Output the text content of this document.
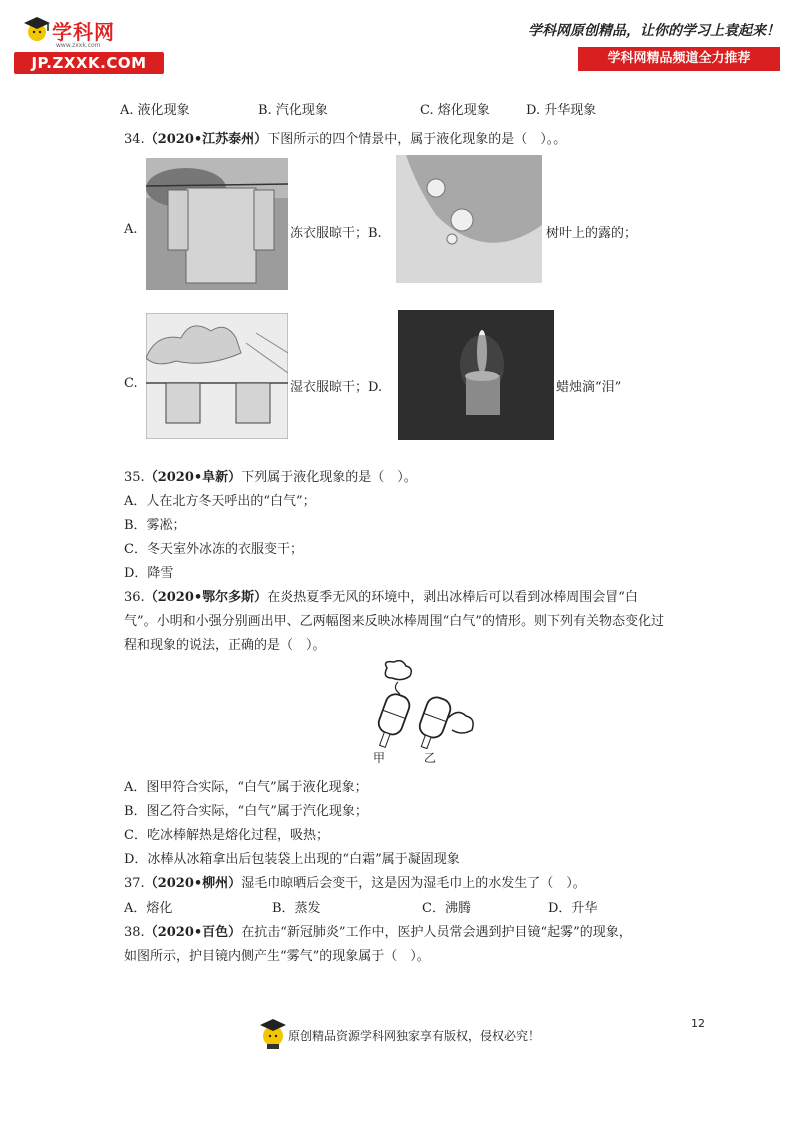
学科网
www.zxxk.com
JP.ZXXK.COM
学科网原创精品，让你的学习上袁起来！
学科网精品频道全力推荐
A. 液化现象	B. 汽化现象	C. 熔化现象	D. 升华现象
34.（2020•江苏泰州）下图所示的四个情景中，属于液化现象的是（　）。。
A.	冻衣服晾干；B.	树叶上的露的；
C.	湿衣服晾干；D.	蜡烛滴“泪”
35.（2020•阜新）下列属于液化现象的是（　）。
A．人在北方冬天呼出的“白气”；
B．雾凇；
C．冬天室外冰冻的衣服变干；
D．降雪
36.（2020•鄂尔多斯）在炎热夏季无风的环境中，剥出冰棒后可以看到冰棒周围会冒“白
气”。小明和小强分别画出甲、乙两幅图来反映冰棒周围“白气”的情形。则下列有关物态变化过
程和现象的说法，正确的是（　）。
甲	乙
A．图甲符合实际，“白气”属于液化现象；
B．图乙符合实际，“白气”属于汽化现象；
C．吃冰棒解热是熔化过程，吸热；
D．冰棒从冰箱拿出后包装袋上出现的“白霜”属于凝固现象
37.（2020•柳州）湿毛巾晾晒后会变干，这是因为湿毛巾上的水发生了（　）。
A．熔化	B．蒸发	C．沸腾	D．升华
38.（2020•百色）在抗击“新冠肺炎”工作中，医护人员常会遇到护目镜“起雾”的现象，
如图所示，护目镜内侧产生“雾气”的现象属于（　）。
12
原创精品资源学科网独家享有版权，侵权必究！
